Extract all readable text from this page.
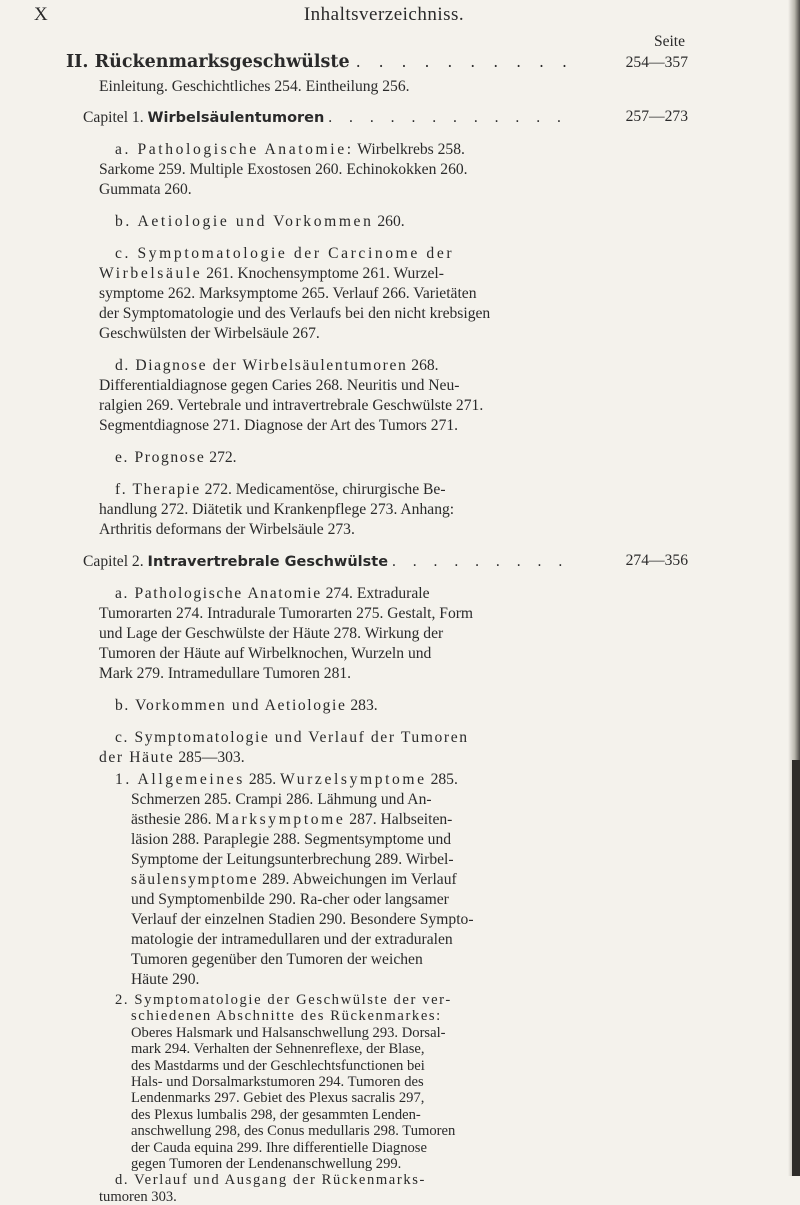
X	Inhaltsverzeichniss.
Seite
II. Rückenmarksgeschwülste . . . . . . . . . .	254—357
Einleitung. Geschichtliches 254. Eintheilung 256.
Capitel 1. Wirbelsäulentumoren . . . . . . . . . . . .	257—273
a. Pathologische Anatomie: Wirbelkrebs 258.
Sarkome 259. Multiple Exostosen 260. Echinokokken 260.
Gummata 260.
b. Aetiologie und Vorkommen 260.
c. Symptomatologie der Carcinome der
Wirbelsäule 261. Knochensymptome 261. Wurzel-
symptome 262. Marksymptome 265. Verlauf 266. Varietäten
der Symptomatologie und des Verlaufs bei den nicht krebsigen
Geschwülsten der Wirbelsäule 267.
d. Diagnose der Wirbelsäulentumoren 268.
Differentialdiagnose gegen Caries 268. Neuritis und Neu-
ralgien 269. Vertebrale und intravertrebrale Geschwülste 271.
Segmentdiagnose 271. Diagnose der Art des Tumors 271.
e. Prognose 272.
f. Therapie 272. Medicamentöse, chirurgische Be-
handlung 272. Diätetik und Krankenpflege 273. Anhang:
Arthritis deformans der Wirbelsäule 273.
Capitel 2. Intravertrebrale Geschwülste . . . . . . . . .	274—356
a. Pathologische Anatomie 274. Extradurale
Tumorarten 274. Intradurale Tumorarten 275. Gestalt, Form
und Lage der Geschwülste der Häute 278. Wirkung der
Tumoren der Häute auf Wirbelknochen, Wurzeln und
Mark 279. Intramedullare Tumoren 281.
b. Vorkommen und Aetiologie 283.
c. Symptomatologie und Verlauf der Tumoren
der Häute 285—303.
1. Allgemeines 285. Wurzelsymptome 285.
Schmerzen 285. Crampi 286. Lähmung und An-
ästhesie 286. Marksymptome 287. Halbseiten-
läsion 288. Paraplegie 288. Segmentsymptome und
Symptome der Leitungsunterbrechung 289. Wirbel-
säulensymptome 289. Abweichungen im Verlauf
und Symptomenbilde 290. Ra-cher oder langsamer
Verlauf der einzelnen Stadien 290. Besondere Sympto-
matologie der intramedullaren und der extraduralen
Tumoren gegenüber den Tumoren der weichen
Häute 290.
2. Symptomatologie der Geschwülste der ver-
schiedenen Abschnitte des Rückenmarkes:
Oberes Halsmark und Halsanschwellung 293. Dorsal-
mark 294. Verhalten der Sehnenreflexe, der Blase,
des Mastdarms und der Geschlechtsfunctionen bei
Hals- und Dorsalmarkstumoren 294. Tumoren des
Lendenmarks 297. Gebiet des Plexus sacralis 297,
des Plexus lumbalis 298, der gesammten Lenden-
anschwellung 298, des Conus medullaris 298. Tumoren
der Cauda equina 299. Ihre differentielle Diagnose
gegen Tumoren der Lendenanschwellung 299.
d. Verlauf und Ausgang der Rückenmarks-
tumoren 303.
